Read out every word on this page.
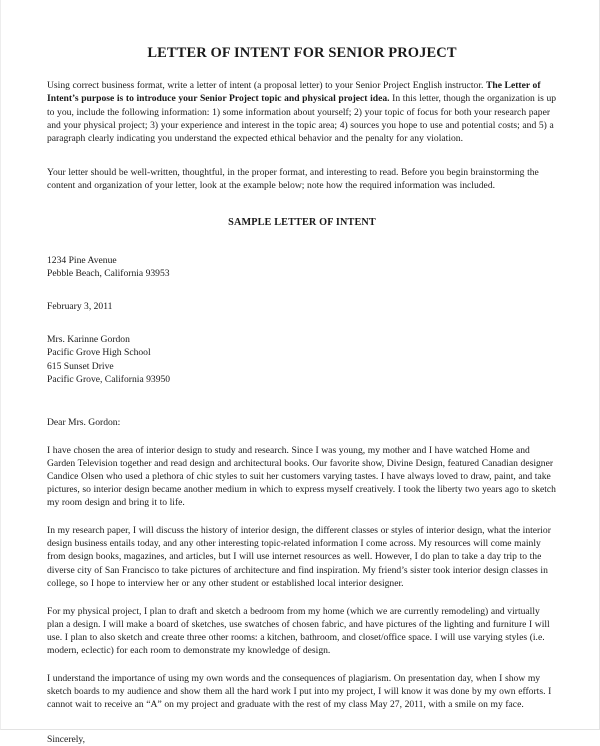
LETTER OF INTENT FOR SENIOR PROJECT

Using correct business format, write a letter of intent (a proposal letter) to your Senior Project English instructor. The Letter of Intent’s purpose is to introduce your Senior Project topic and physical project idea. In this letter, though the organization is up to you, include the following information: 1) some information about yourself; 2) your topic of focus for both your research paper and your physical project; 3) your experience and interest in the topic area; 4) sources you hope to use and potential costs; and 5) a paragraph clearly indicating you understand the expected ethical behavior and the penalty for any violation.

Your letter should be well-written, thoughtful, in the proper format, and interesting to read. Before you begin brainstorming the content and organization of your letter, look at the example below; note how the required information was included.

SAMPLE LETTER OF INTENT
1234 Pine Avenue
Pebble Beach, California 93953
February 3, 2011
Mrs. Karinne Gordon
Pacific Grove High School
615 Sunset Drive
Pacific Grove, California 93950
Dear Mrs. Gordon:

I have chosen the area of interior design to study and research. Since I was young, my mother and I have watched Home and Garden Television together and read design and architectural books. Our favorite show, Divine Design, featured Canadian designer Candice Olsen who used a plethora of chic styles to suit her customers varying tastes. I have always loved to draw, paint, and take pictures, so interior design became another medium in which to express myself creatively. I took the liberty two years ago to sketch my room design and bring it to life.

In my research paper, I will discuss the history of interior design, the different classes or styles of interior design, what the interior design business entails today, and any other interesting topic-related information I come across. My resources will come mainly from design books, magazines, and articles, but I will use internet resources as well. However, I do plan to take a day trip to the diverse city of San Francisco to take pictures of architecture and find inspiration. My friend’s sister took interior design classes in college, so I hope to interview her or any other student or established local interior designer.

For my physical project, I plan to draft and sketch a bedroom from my home (which we are currently remodeling) and virtually plan a design. I will make a board of sketches, use swatches of chosen fabric, and have pictures of the lighting and furniture I will use. I plan to also sketch and create three other rooms: a kitchen, bathroom, and closet/office space. I will use varying styles (i.e. modern, eclectic) for each room to demonstrate my knowledge of design.

I understand the importance of using my own words and the consequences of plagiarism. On presentation day, when I show my sketch boards to my audience and show them all the hard work I put into my project, I will know it was done by my own efforts. I cannot wait to receive an “A” on my project and graduate with the rest of my class May 27, 2011, with a smile on my face.

Sincerely,
